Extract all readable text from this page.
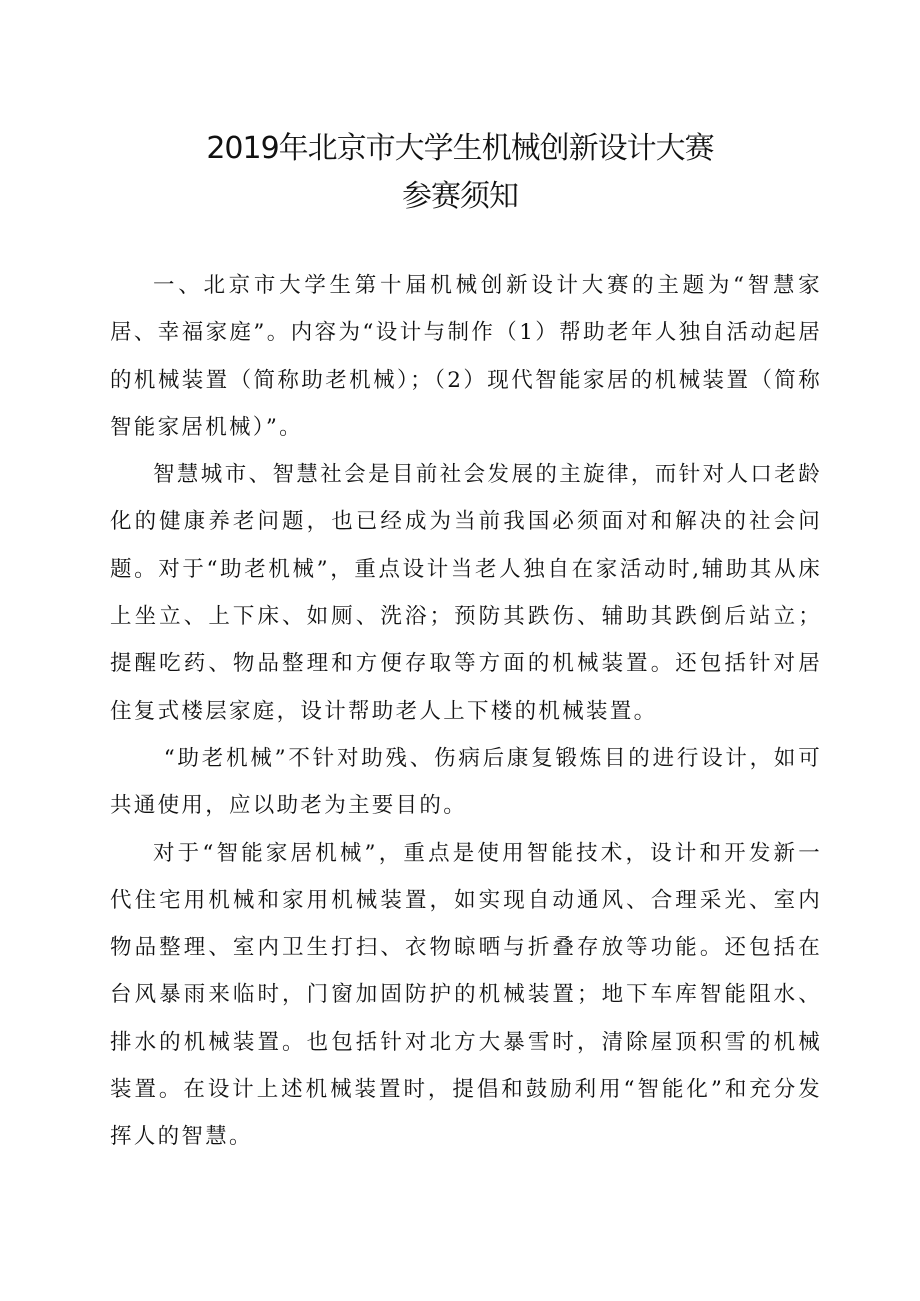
2019年北京市大学生机械创新设计大赛
参赛须知

一、北京市大学生第十届机械创新设计大赛的主题为“智慧家居、幸福家庭”。内容为“设计与制作（1）帮助老年人独自活动起居的机械装置（简称助老机械）；（2）现代智能家居的机械装置（简称智能家居机械）”。

智慧城市、智慧社会是目前社会发展的主旋律，而针对人口老龄化的健康养老问题，也已经成为当前我国必须面对和解决的社会问题。对于“助老机械”，重点设计当老人独自在家活动时,辅助其从床上坐立、上下床、如厕、洗浴；预防其跌伤、辅助其跌倒后站立；提醒吃药、物品整理和方便存取等方面的机械装置。还包括针对居住复式楼层家庭，设计帮助老人上下楼的机械装置。

“助老机械”不针对助残、伤病后康复锻炼目的进行设计，如可共通使用，应以助老为主要目的。

对于“智能家居机械”，重点是使用智能技术，设计和开发新一代住宅用机械和家用机械装置，如实现自动通风、合理采光、室内物品整理、室内卫生打扫、衣物晾晒与折叠存放等功能。还包括在台风暴雨来临时，门窗加固防护的机械装置；地下车库智能阻水、排水的机械装置。也包括针对北方大暴雪时，清除屋顶积雪的机械装置。在设计上述机械装置时，提倡和鼓励利用“智能化”和充分发挥人的智慧。
